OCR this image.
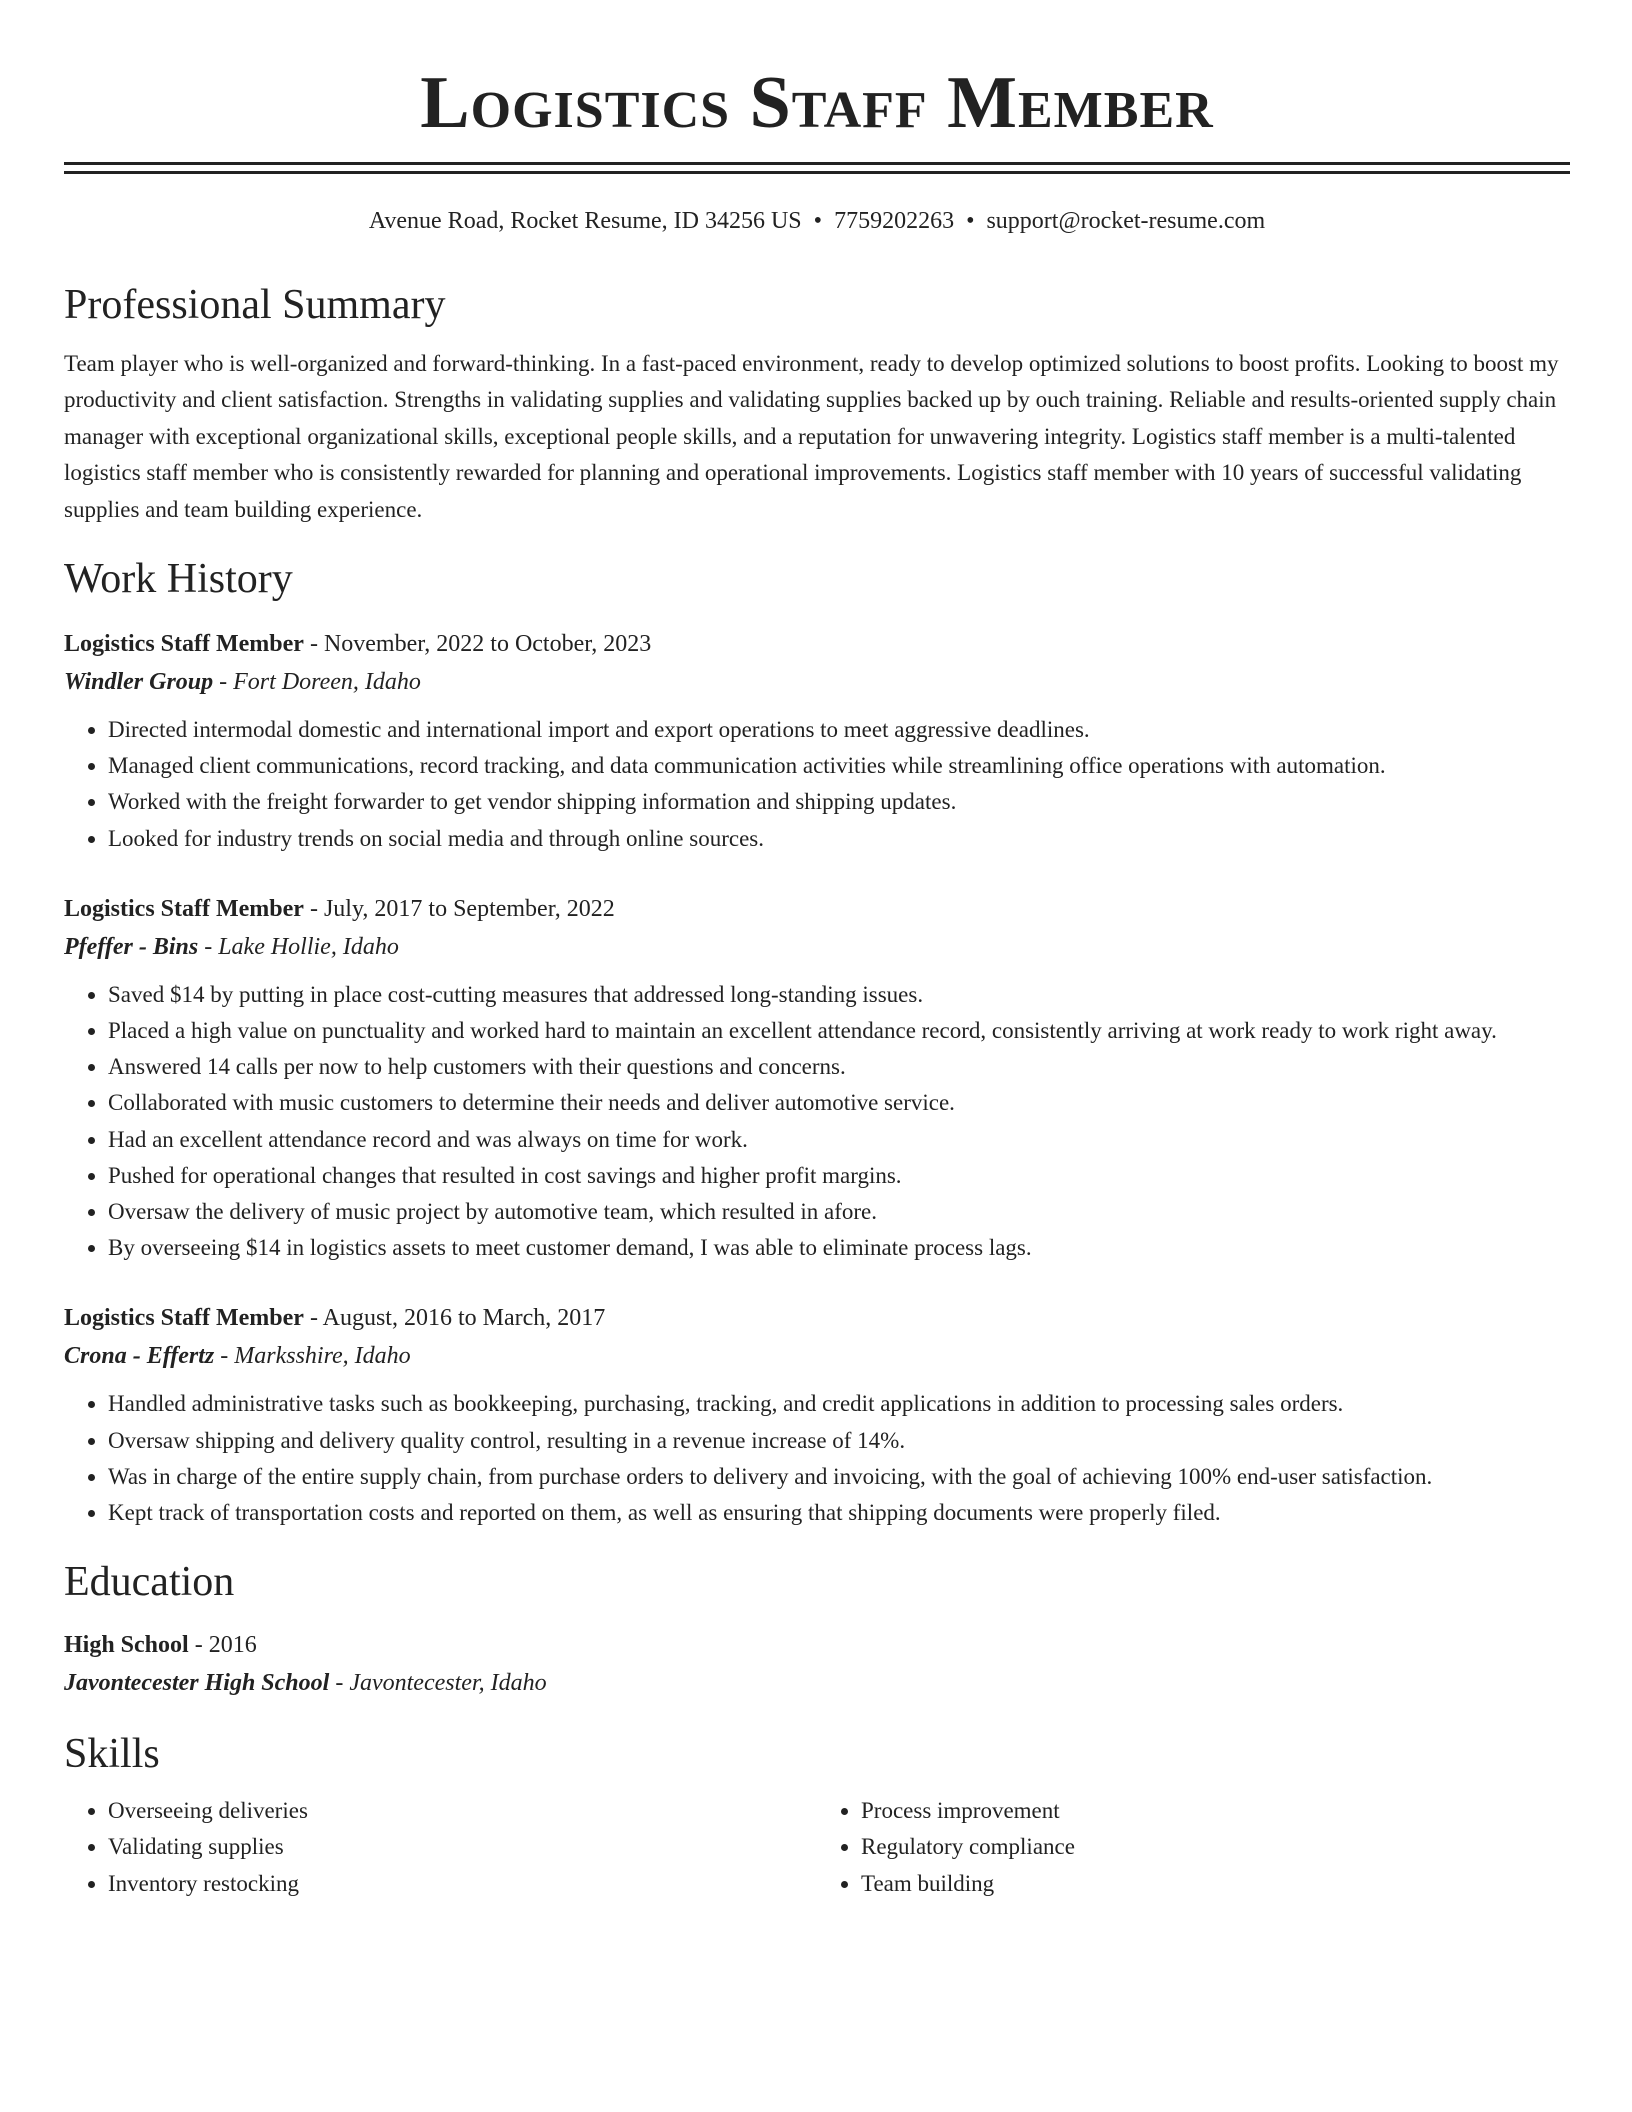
Logistics Staff Member
Avenue Road, Rocket Resume, ID 34256 US • 7759202263 • support@rocket-resume.com
Professional Summary
Team player who is well-organized and forward-thinking. In a fast-paced environment, ready to develop optimized solutions to boost profits. Looking to boost my productivity and client satisfaction. Strengths in validating supplies and validating supplies backed up by ouch training. Reliable and results-oriented supply chain manager with exceptional organizational skills, exceptional people skills, and a reputation for unwavering integrity. Logistics staff member is a multi-talented logistics staff member who is consistently rewarded for planning and operational improvements. Logistics staff member with 10 years of successful validating supplies and team building experience.
Work History
Logistics Staff Member - November, 2022 to October, 2023
Windler Group - Fort Doreen, Idaho
• Directed intermodal domestic and international import and export operations to meet aggressive deadlines.
• Managed client communications, record tracking, and data communication activities while streamlining office operations with automation.
• Worked with the freight forwarder to get vendor shipping information and shipping updates.
• Looked for industry trends on social media and through online sources.
Logistics Staff Member - July, 2017 to September, 2022
Pfeffer - Bins - Lake Hollie, Idaho
• Saved $14 by putting in place cost-cutting measures that addressed long-standing issues.
• Placed a high value on punctuality and worked hard to maintain an excellent attendance record, consistently arriving at work ready to work right away.
• Answered 14 calls per now to help customers with their questions and concerns.
• Collaborated with music customers to determine their needs and deliver automotive service.
• Had an excellent attendance record and was always on time for work.
• Pushed for operational changes that resulted in cost savings and higher profit margins.
• Oversaw the delivery of music project by automotive team, which resulted in afore.
• By overseeing $14 in logistics assets to meet customer demand, I was able to eliminate process lags.
Logistics Staff Member - August, 2016 to March, 2017
Crona - Effertz - Marksshire, Idaho
• Handled administrative tasks such as bookkeeping, purchasing, tracking, and credit applications in addition to processing sales orders.
• Oversaw shipping and delivery quality control, resulting in a revenue increase of 14%.
• Was in charge of the entire supply chain, from purchase orders to delivery and invoicing, with the goal of achieving 100% end-user satisfaction.
• Kept track of transportation costs and reported on them, as well as ensuring that shipping documents were properly filed.
Education
High School - 2016
Javontecester High School - Javontecester, Idaho
Skills
• Overseeing deliveries
• Validating supplies
• Inventory restocking
• Process improvement
• Regulatory compliance
• Team building
